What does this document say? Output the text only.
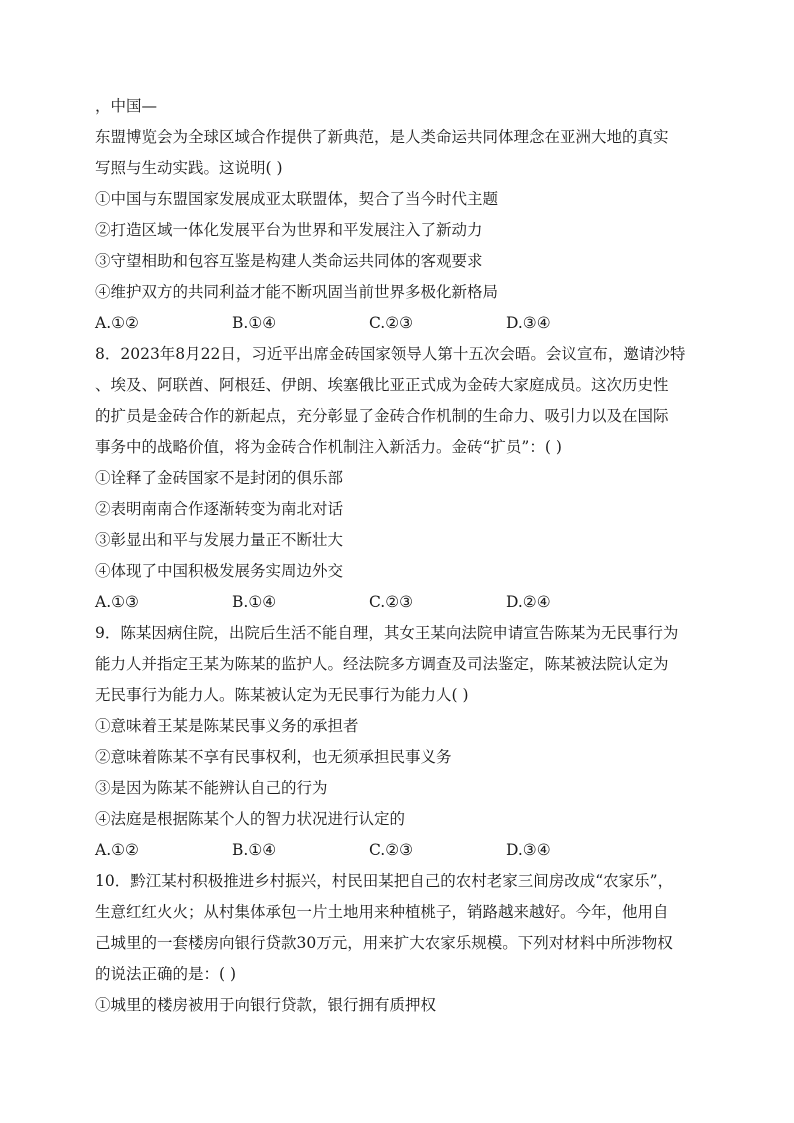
，中国—
东盟博览会为全球区域合作提供了新典范，是人类命运共同体理念在亚洲大地的真实
写照与生动实践。这说明( )
①中国与东盟国家发展成亚太联盟体，契合了当今时代主题
②打造区域一体化发展平台为世界和平发展注入了新动力
③守望相助和包容互鉴是构建人类命运共同体的客观要求
④维护双方的共同利益才能不断巩固当前世界多极化新格局
A.①②	B.①④	C.②③	D.③④
8．2023年8月22日，习近平出席金砖国家领导人第十五次会晤。会议宣布，邀请沙特
、埃及、阿联酋、阿根廷、伊朗、埃塞俄比亚正式成为金砖大家庭成员。这次历史性
的扩员是金砖合作的新起点，充分彰显了金砖合作机制的生命力、吸引力以及在国际
事务中的战略价值，将为金砖合作机制注入新活力。金砖“扩员”：( )
①诠释了金砖国家不是封闭的俱乐部
②表明南南合作逐渐转变为南北对话
③彰显出和平与发展力量正不断壮大
④体现了中国积极发展务实周边外交
A.①③	B.①④	C.②③	D.②④
9．陈某因病住院，出院后生活不能自理，其女王某向法院申请宣告陈某为无民事行为
能力人并指定王某为陈某的监护人。经法院多方调查及司法鉴定，陈某被法院认定为
无民事行为能力人。陈某被认定为无民事行为能力人( )
①意味着王某是陈某民事义务的承担者
②意味着陈某不享有民事权利，也无须承担民事义务
③是因为陈某不能辨认自己的行为
④法庭是根据陈某个人的智力状况进行认定的
A.①②	B.①④	C.②③	D.③④
10．黔江某村积极推进乡村振兴，村民田某把自己的农村老家三间房改成“农家乐”，
生意红红火火；从村集体承包一片土地用来种植桃子，销路越来越好。今年，他用自
己城里的一套楼房向银行贷款30万元，用来扩大农家乐规模。下列对材料中所涉物权
的说法正确的是：( )
①城里的楼房被用于向银行贷款，银行拥有质押权
